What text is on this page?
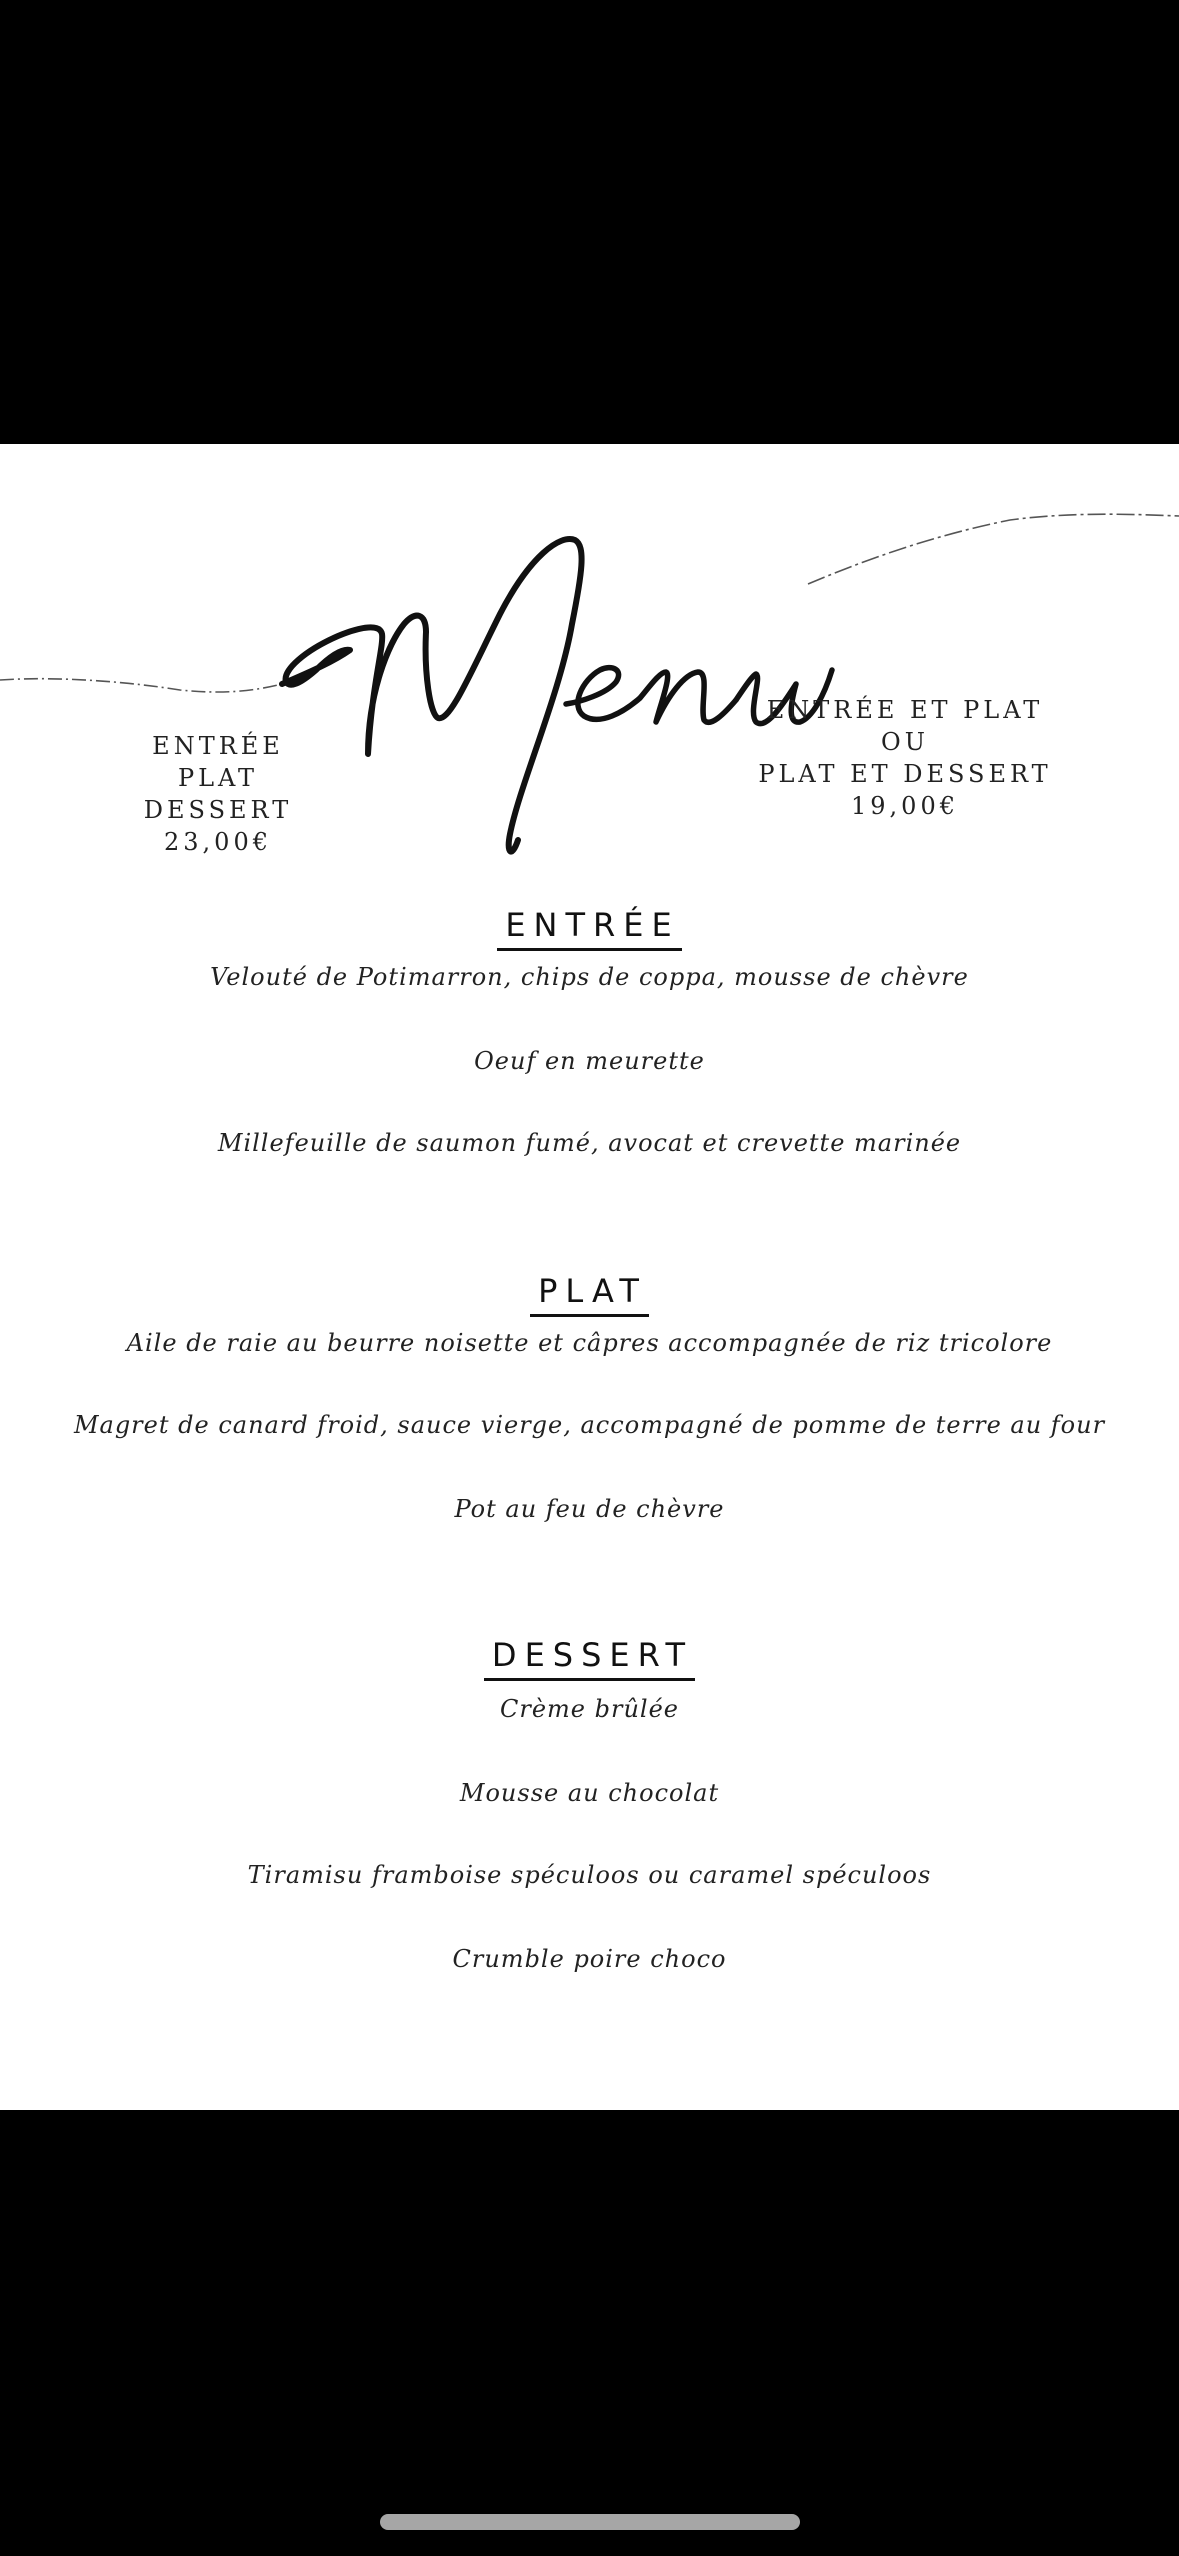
ENTRÉE
PLAT
DESSERT
23,00€
ENTRÉE ET PLAT
OU
PLAT ET DESSERT
19,00€
ENTRÉE
Velouté de Potimarron, chips de coppa, mousse de chèvre
Oeuf en meurette
Millefeuille de saumon fumé, avocat et crevette marinée
PLAT
Aile de raie au beurre noisette et câpres accompagnée de riz tricolore
Magret de canard froid, sauce vierge, accompagné de pomme de terre au four
Pot au feu de chèvre
DESSERT
Crème brûlée
Mousse au chocolat
Tiramisu framboise spéculoos ou caramel spéculoos
Crumble poire choco
